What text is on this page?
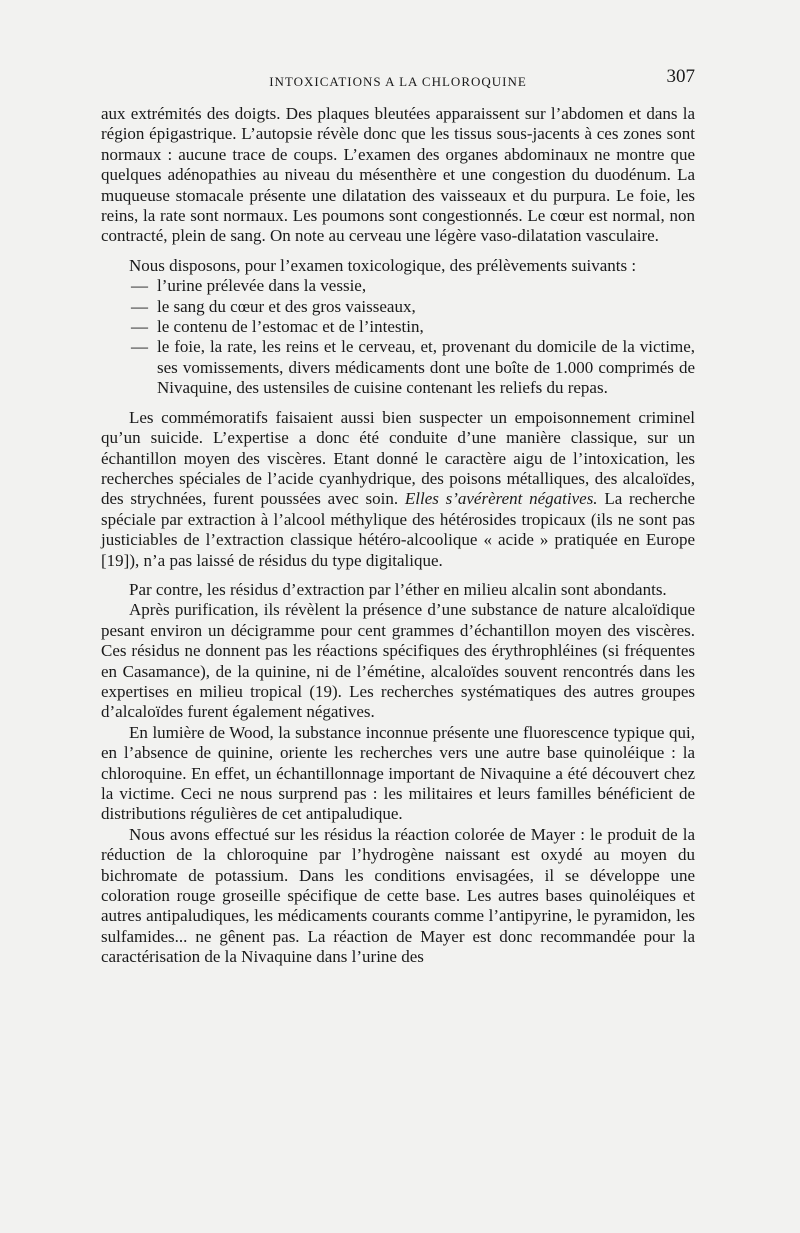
INTOXICATIONS A LA CHLOROQUINE	307

aux extrémités des doigts. Des plaques bleutées apparaissent sur l’abdomen et dans la région épigastrique. L’autopsie révèle donc que les tissus sous-jacents à ces zones sont normaux : aucune trace de coups. L’examen des organes abdominaux ne montre que quelques adénopathies au niveau du mésenthère et une congestion du duodénum. La muqueuse stomacale présente une dilatation des vaisseaux et du purpura. Le foie, les reins, la rate sont normaux. Les poumons sont congestionnés. Le cœur est normal, non contracté, plein de sang. On note au cerveau une légère vaso-dilatation vasculaire.

Nous disposons, pour l’examen toxicologique, des prélèvements suivants :

— l’urine prélevée dans la vessie,
— le sang du cœur et des gros vaisseaux,
— le contenu de l’estomac et de l’intestin,
— le foie, la rate, les reins et le cerveau, et, provenant du domicile de la victime, ses vomissements, divers médicaments dont une boîte de 1.000 comprimés de Nivaquine, des ustensiles de cuisine contenant les reliefs du repas.

Les commémoratifs faisaient aussi bien suspecter un empoisonnement criminel qu’un suicide. L’expertise a donc été conduite d’une manière classique, sur un échantillon moyen des viscères. Etant donné le caractère aigu de l’intoxication, les recherches spéciales de l’acide cyanhydrique, des poisons métalliques, des alcaloïdes, des strychnées, furent poussées avec soin. Elles s’avérèrent négatives. La recherche spéciale par extraction à l’alcool méthylique des hétérosides tropicaux (ils ne sont pas justiciables de l’extraction classique hétéro-alcoolique « acide » pratiquée en Europe [19]), n’a pas laissé de résidus du type digitalique.

Par contre, les résidus d’extraction par l’éther en milieu alcalin sont abondants.

Après purification, ils révèlent la présence d’une substance de nature alcaloïdique pesant environ un décigramme pour cent grammes d’échantillon moyen des viscères. Ces résidus ne donnent pas les réactions spécifiques des érythrophléines (si fréquentes en Casamance), de la quinine, ni de l’émétine, alcaloïdes souvent rencontrés dans les expertises en milieu tropical (19). Les recherches systématiques des autres groupes d’alcaloïdes furent également négatives.

En lumière de Wood, la substance inconnue présente une fluorescence typique qui, en l’absence de quinine, oriente les recherches vers une autre base quinoléique : la chloroquine. En effet, un échantillonnage important de Nivaquine a été découvert chez la victime. Ceci ne nous surprend pas : les militaires et leurs familles bénéficient de distributions régulières de cet antipaludique.

Nous avons effectué sur les résidus la réaction colorée de Mayer : le produit de la réduction de la chloroquine par l’hydrogène naissant est oxydé au moyen du bichromate de potassium. Dans les conditions envisagées, il se développe une coloration rouge groseille spécifique de cette base. Les autres bases quinoléiques et autres antipaludiques, les médicaments courants comme l’antipyrine, le pyramidon, les sulfamides... ne gênent pas. La réaction de Mayer est donc recommandée pour la caractérisation de la Nivaquine dans l’urine des
